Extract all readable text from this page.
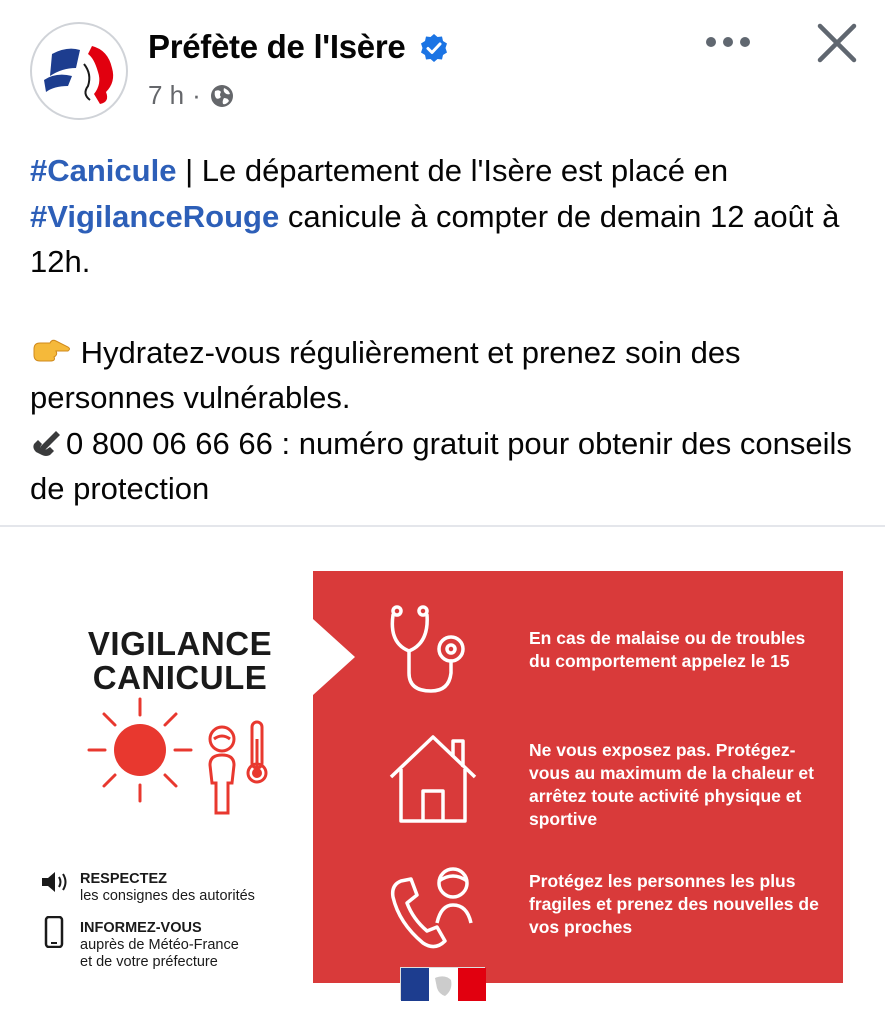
Préfète de l'Isère
7 h ·

#Canicule | Le département de l'Isère est placé en #VigilanceRouge canicule à compter de demain 12 août à 12h.

Hydratez-vous régulièrement et prenez soin des personnes vulnérables.
0 800 06 66 66 : numéro gratuit pour obtenir des conseils de protection

VIGILANCE
CANICULE
RESPECTEZ
les consignes des autorités
INFORMEZ-VOUS
auprès de Météo-France
et de votre préfecture
En cas de malaise ou de troubles du comportement appelez le 15
Ne vous exposez pas. Protégez-vous au maximum de la chaleur et arrêtez toute activité physique et sportive
Protégez les personnes les plus fragiles et prenez des nouvelles de vos proches
